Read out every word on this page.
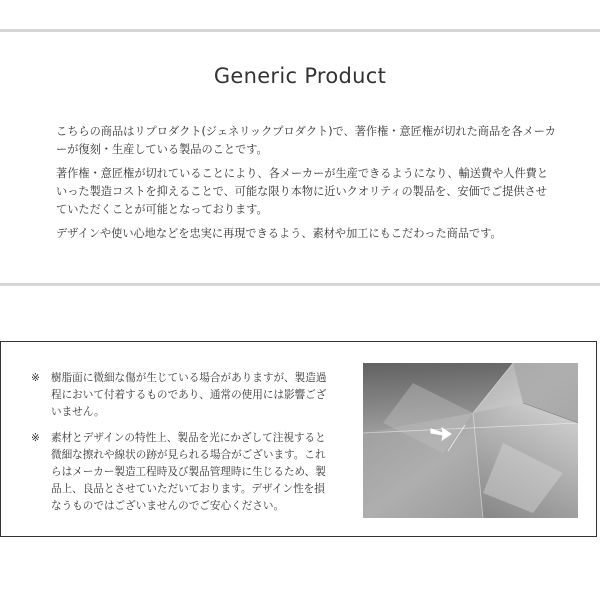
Generic Product

こちらの商品はリプロダクト(ジェネリックプロダクト)で、著作権・意匠権が切れた商品を各メーカーが復刻・生産している製品のことです。

著作権・意匠権が切れていることにより、各メーカーが生産できるようになり、輸送費や人件費といった製造コストを抑えることで、可能な限り本物に近いクオリティの製品を、安価でご提供させていただくことが可能となっております。

デザインや使い心地などを忠実に再現できるよう、素材や加工にもこだわった商品です。

※ 樹脂面に微細な傷が生じている場合がありますが、製造過程において付着するものであり、通常の使用には影響ございません。
※ 素材とデザインの特性上、製品を光にかざして注視すると微細な擦れや線状の跡が見られる場合がございます。これらはメーカー製造工程時及び製品管理時に生じるため、製品上、良品とさせていただいております。デザイン性を損なうものではございませんのでご安心ください。
